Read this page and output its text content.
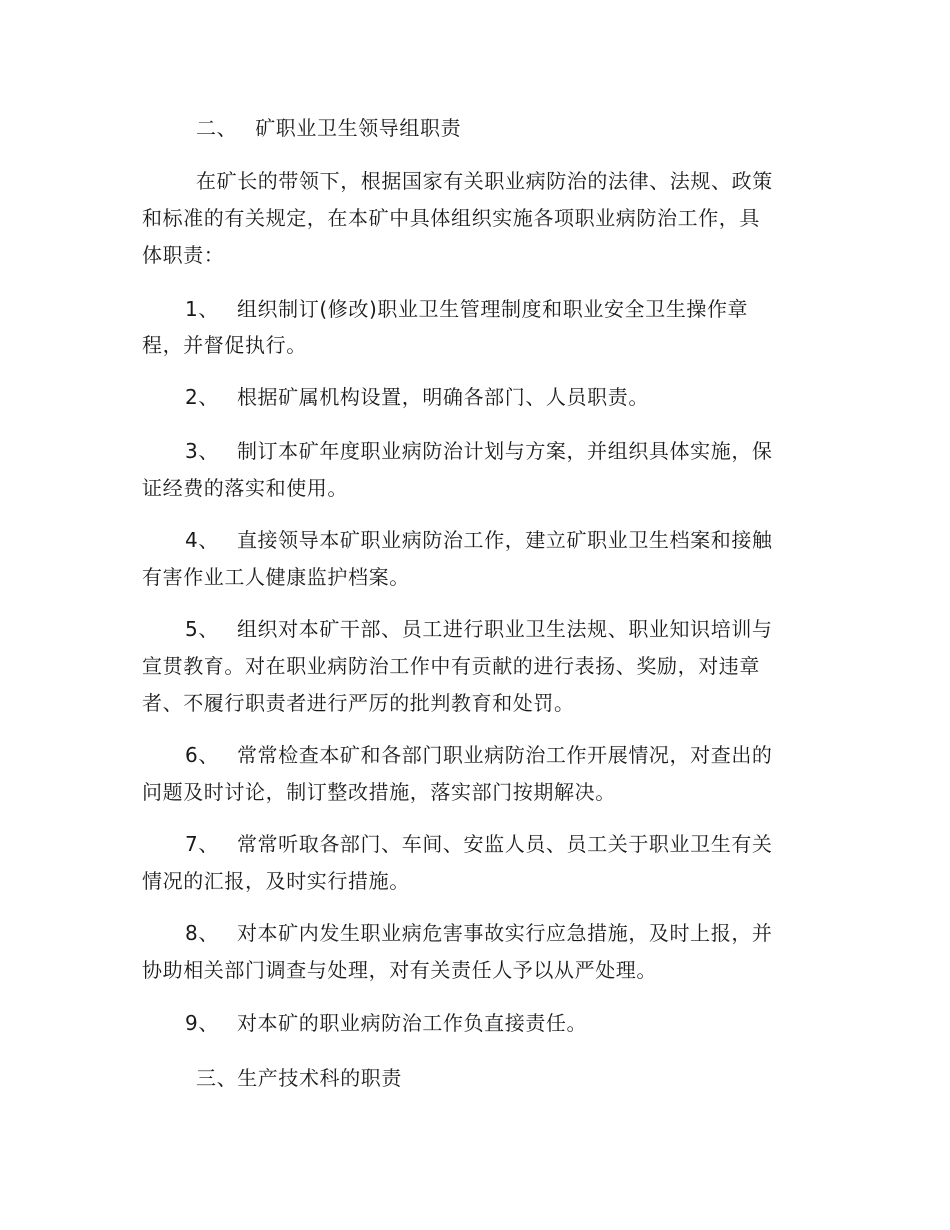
二、 矿职业卫生领导组职责
在矿长的带领下，根据国家有关职业病防治的法律、法规、政策
和标准的有关规定，在本矿中具体组织实施各项职业病防治工作，具
体职责：
1、 组织制订(修改)职业卫生管理制度和职业安全卫生操作章
程，并督促执行。
2、 根据矿属机构设置，明确各部门、人员职责。
3、 制订本矿年度职业病防治计划与方案，并组织具体实施，保
证经费的落实和使用。
4、 直接领导本矿职业病防治工作，建立矿职业卫生档案和接触
有害作业工人健康监护档案。
5、 组织对本矿干部、员工进行职业卫生法规、职业知识培训与
宣贯教育。对在职业病防治工作中有贡献的进行表扬、奖励，对违章
者、不履行职责者进行严厉的批判教育和处罚。
6、 常常检查本矿和各部门职业病防治工作开展情况，对查出的
问题及时讨论，制订整改措施，落实部门按期解决。
7、 常常听取各部门、车间、安监人员、员工关于职业卫生有关
情况的汇报，及时实行措施。
8、 对本矿内发生职业病危害事故实行应急措施，及时上报，并
协助相关部门调查与处理，对有关责任人予以从严处理。
9、 对本矿的职业病防治工作负直接责任。
三、生产技术科的职责
